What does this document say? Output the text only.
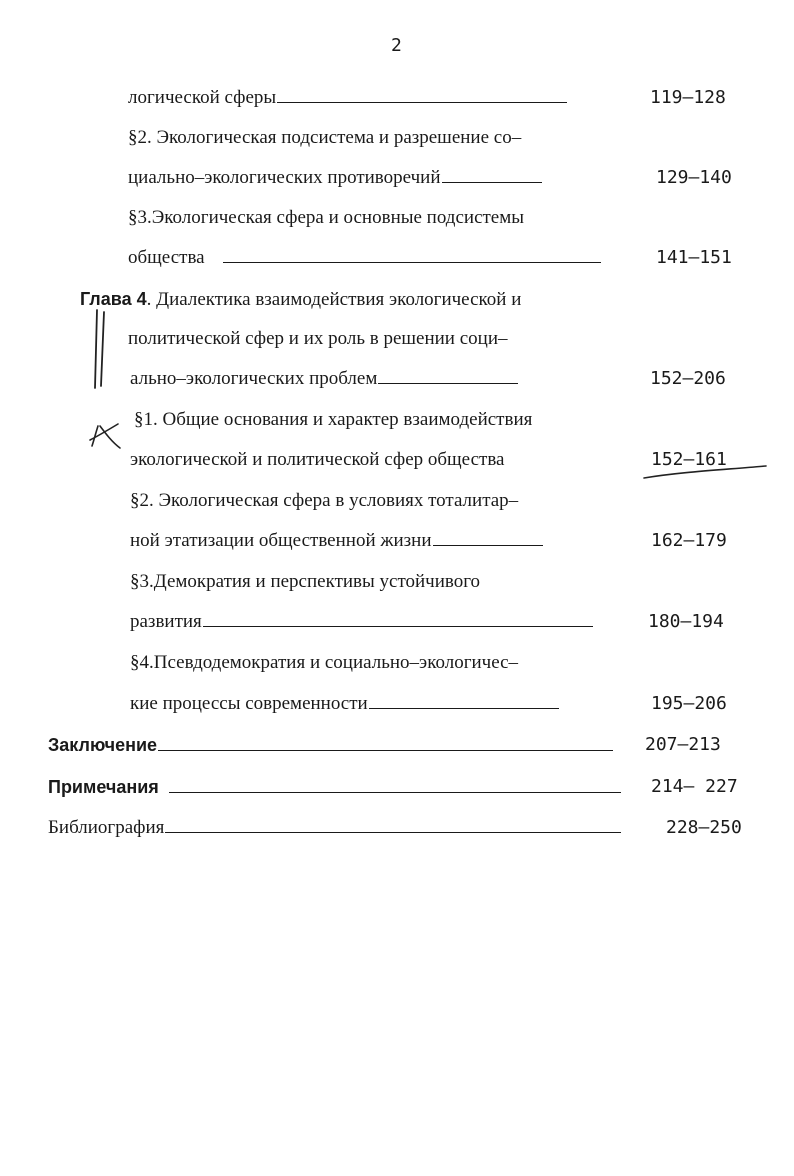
2
логической сферы	119–128
§2. Экологическая подсистема и разрешение со–
циально–экологических противоречий	129–140
§3.Экологическая сфера и основные подсистемы
общества	141–151
Глава 4. Диалектика взаимодействия экологической и
политической сфер и их роль в решении соци–
ально–экологических проблем	152–206
§1. Общие основания и характер взаимодействия
экологической и политической сфер общества	152–161
§2. Экологическая сфера в условиях тоталитар–
ной этатизации общественной жизни	162–179
§3.Демократия и перспективы устойчивого
развития	180–194
§4.Псевдодемократия и социально–экологичес–
кие процессы современности	195–206
Заключение	207–213
Примечания	214– 227
Библиография	228–250
